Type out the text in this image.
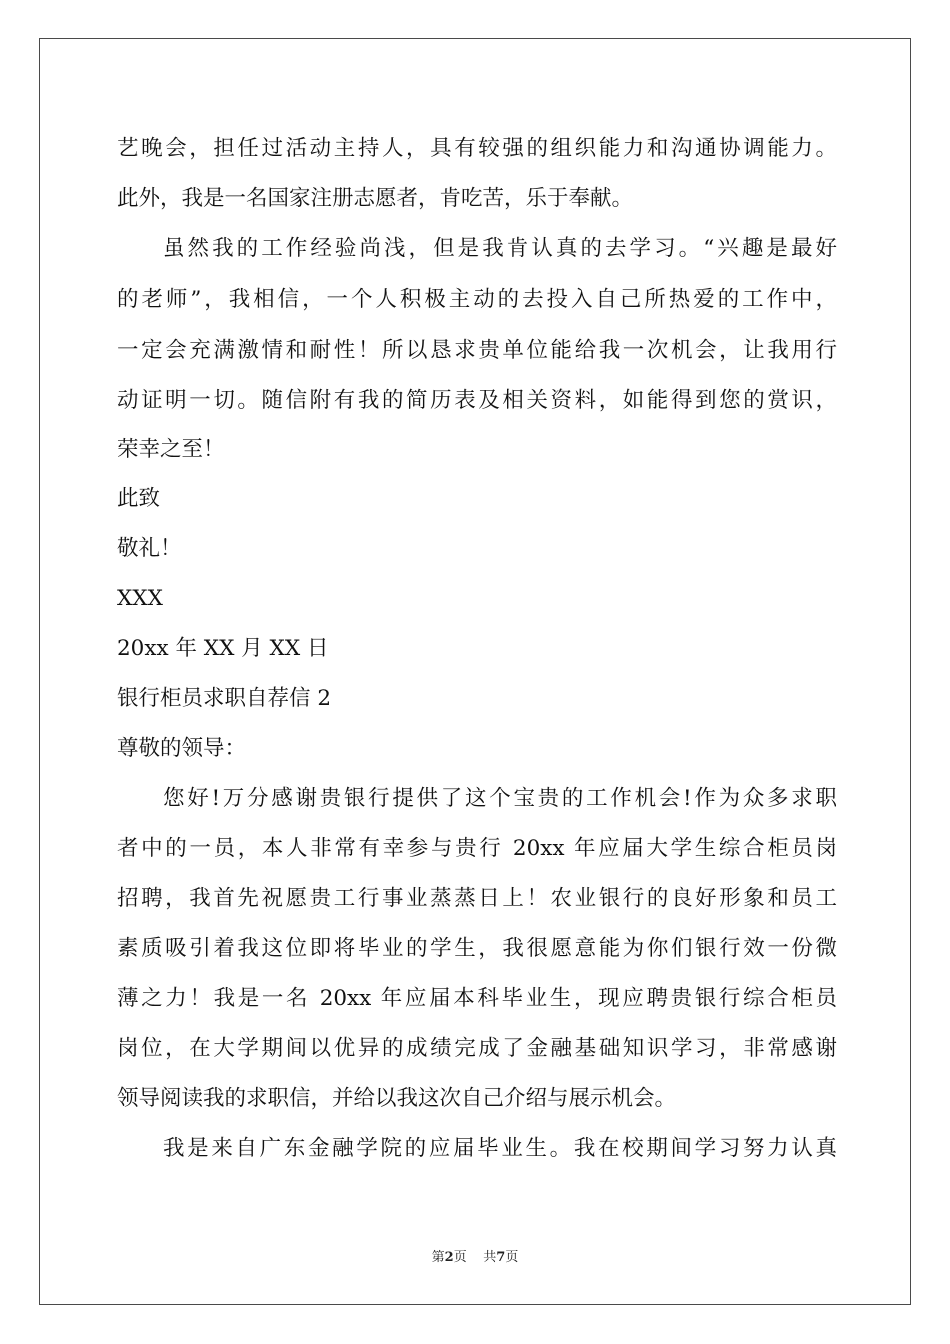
艺晚会，担任过活动主持人，具有较强的组织能力和沟通协调能力。
此外，我是一名国家注册志愿者，肯吃苦，乐于奉献。
虽然我的工作经验尚浅，但是我肯认真的去学习。“兴趣是最好
的老师”，我相信，一个人积极主动的去投入自己所热爱的工作中，
一定会充满激情和耐性！所以恳求贵单位能给我一次机会，让我用行
动证明一切。随信附有我的简历表及相关资料，如能得到您的赏识，
荣幸之至！
此致
敬礼！
XXX
20xx 年 XX 月 XX 日
银行柜员求职自荐信 2
尊敬的领导：
您好!万分感谢贵银行提供了这个宝贵的工作机会!作为众多求职
者中的一员，本人非常有幸参与贵行 20xx 年应届大学生综合柜员岗
招聘，我首先祝愿贵工行事业蒸蒸日上！农业银行的良好形象和员工
素质吸引着我这位即将毕业的学生，我很愿意能为你们银行效一份微
薄之力！我是一名 20xx 年应届本科毕业生，现应聘贵银行综合柜员
岗位，在大学期间以优异的成绩完成了金融基础知识学习，非常感谢
领导阅读我的求职信，并给以我这次自己介绍与展示机会。
我是来自广东金融学院的应届毕业生。我在校期间学习努力认真
第2页 共7页
